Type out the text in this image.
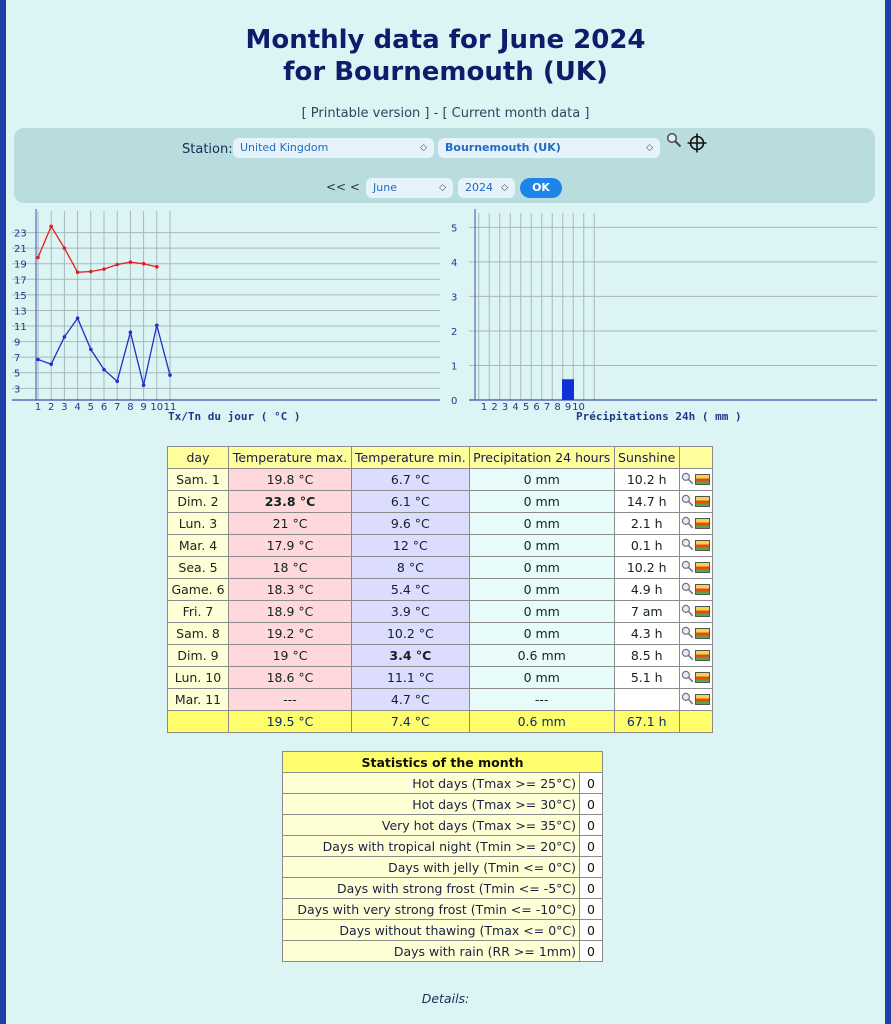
Monthly data for June 2024
for Bournemouth (UK)
[ Printable version ] - [ Current month data ]
Station: United Kingdom	◇	Bournemouth (UK)	◇
<< <	June	◇	2024 ◇	OK
3
5
7
9
11
13
15
17
19
21
23
1 2 3 4 5 6 7 8 9 10 11
Tx/Tn du jour ( °C )
0
1
2
3
4
5
1 2 3 4 5 6 7 8 9 10
Précipitations 24h ( mm )
day	Temperature max.	Temperature min.	Precipitation 24 hours	Sunshine	
Sam. 1	19.8 °C	6.7 °C	0 mm	10.2 h	
Dim. 2	23.8 °C	6.1 °C	0 mm	14.7 h	
Lun. 3	21 °C	9.6 °C	0 mm	2.1 h	
Mar. 4	17.9 °C	12 °C	0 mm	0.1 h	
Sea. 5	18 °C	8 °C	0 mm	10.2 h	
Game. 6	18.3 °C	5.4 °C	0 mm	4.9 h	
Fri. 7	18.9 °C	3.9 °C	0 mm	7 am	
Sam. 8	19.2 °C	10.2 °C	0 mm	4.3 h	
Dim. 9	19 °C	3.4 °C	0.6 mm	8.5 h	
Lun. 10	18.6 °C	11.1 °C	0 mm	5.1 h	
Mar. 11	---	4.7 °C	---		
	19.5 °C	7.4 °C	0.6 mm	67.1 h	
Statistics of the month	
Hot days (Tmax >= 25°C)	0
Hot days (Tmax >= 30°C)	0
Very hot days (Tmax >= 35°C)	0
Days with tropical night (Tmin >= 20°C)	0
Days with jelly (Tmin <= 0°C)	0
Days with strong frost (Tmin <= -5°C)	0
Days with very strong frost (Tmin <= -10°C)	0
Days without thawing (Tmax <= 0°C)	0
Days with rain (RR >= 1mm)	0
Details:
